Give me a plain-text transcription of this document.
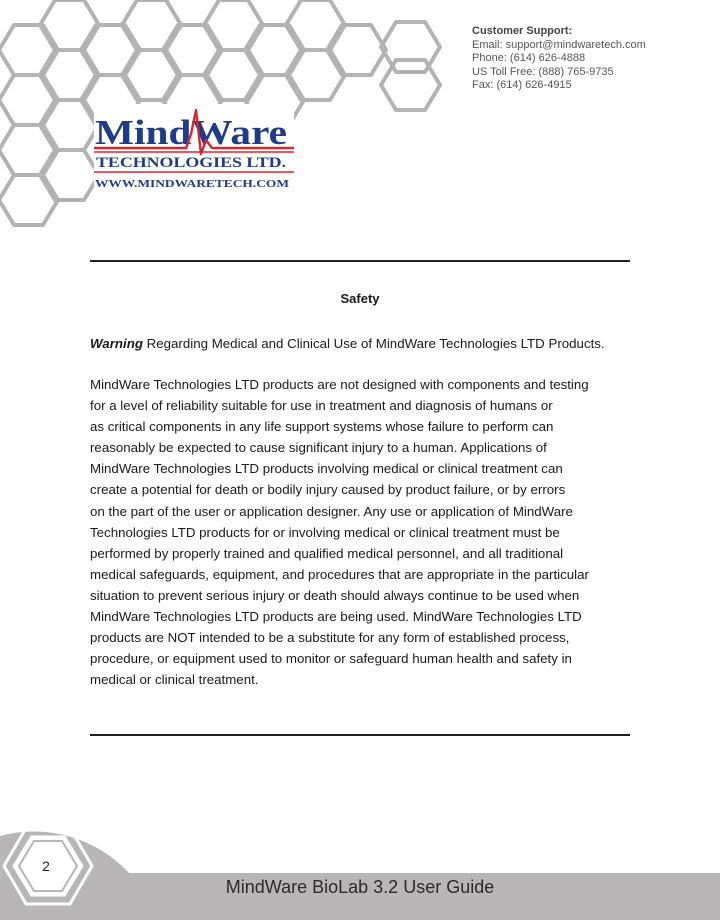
Customer Support:
Email: support@mindwaretech.com
Phone: (614) 626-4888
US Toll Free: (888) 765-9735
Fax: (614) 626-4915
MindWare
TECHNOLOGIES LTD.
WWW.MINDWARETECH.COM
Safety
Warning Regarding Medical and Clinical Use of MindWare Technologies LTD Products.
MindWare Technologies LTD products are not designed with components and testing
for a level of reliability suitable for use in treatment and diagnosis of humans or
as critical components in any life support systems whose failure to perform can
reasonably be expected to cause significant injury to a human. Applications of
MindWare Technologies LTD products involving medical or clinical treatment can
create a potential for death or bodily injury caused by product failure, or by errors
on the part of the user or application designer. Any use or application of MindWare
Technologies LTD products for or involving medical or clinical treatment must be
performed by properly trained and qualified medical personnel, and all traditional
medical safeguards, equipment, and procedures that are appropriate in the particular
situation to prevent serious injury or death should always continue to be used when
MindWare Technologies LTD products are being used. MindWare Technologies LTD
products are NOT intended to be a substitute for any form of established process,
procedure, or equipment used to monitor or safeguard human health and safety in
medical or clinical treatment.
2
MindWare BioLab 3.2 User Guide
